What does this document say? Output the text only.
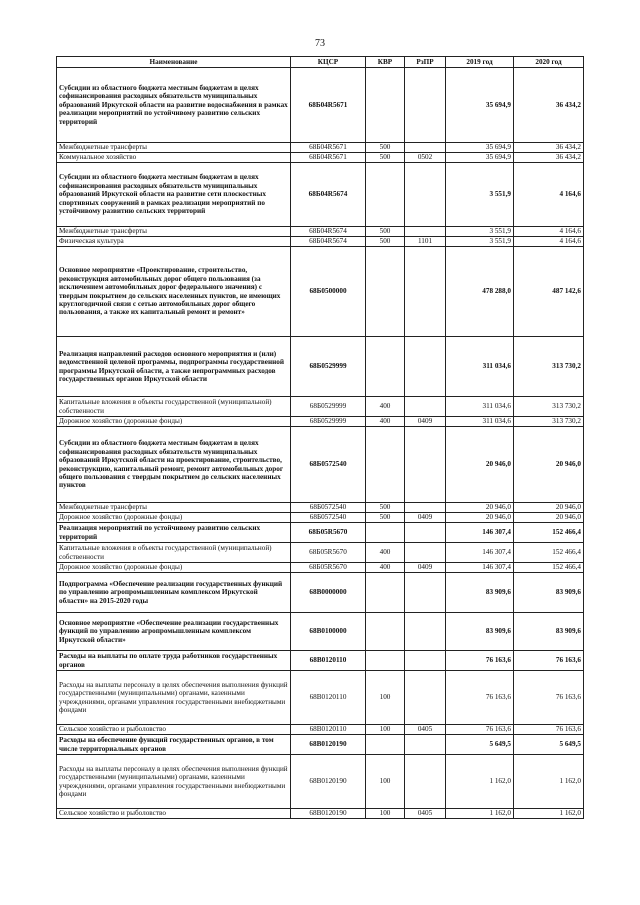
73
Наименование	КЦСР	КВР	РзПР	2019 год	2020 год
Субсидии из областного бюджета местным бюджетам в целях софинансирования расходных обязательств муниципальных образований Иркутской области на развитие водоснабжения в рамках реализации мероприятий по устойчивому развитию сельских территорий	68Б04R5671			35 694,9	36 434,2
Межбюджетные трансферты	68Б04R5671	500		35 694,9	36 434,2
Коммунальное хозяйство	68Б04R5671	500	0502	35 694,9	36 434,2
Субсидии из областного бюджета местным бюджетам в целях софинансирования расходных обязательств муниципальных образований Иркутской области на развитие сети плоскостных спортивных сооружений в рамках реализации мероприятий по устойчивому развитию сельских территорий	68Б04R5674			3 551,9	4 164,6
Межбюджетные трансферты	68Б04R5674	500		3 551,9	4 164,6
Физическая культура	68Б04R5674	500	1101	3 551,9	4 164,6
Основное мероприятие «Проектирование, строительство, реконструкция автомобильных дорог общего пользования (за исключением автомобильных дорог федерального значения) с твердым покрытием до сельских населенных пунктов, не имеющих круглогодичной связи с сетью автомобильных дорог общего пользования, а также их капитальный ремонт и ремонт»	68Б0500000			478 288,0	487 142,6
Реализация направлений расходов основного мероприятия и (или) ведомственной целевой программы, подпрограммы государственной программы Иркутской области, а также непрограммных расходов государственных органов Иркутской области	68Б0529999			311 034,6	313 730,2
Капитальные вложения в объекты государственной (муниципальной) собственности	68Б0529999	400		311 034,6	313 730,2
Дорожное хозяйство (дорожные фонды)	68Б0529999	400	0409	311 034,6	313 730,2
Субсидии из областного бюджета местным бюджетам в целях софинансирования расходных обязательств муниципальных образований Иркутской области на проектирование, строительство, реконструкцию, капитальный ремонт, ремонт автомобильных дорог общего пользования с твердым покрытием до сельских населенных пунктов	68Б0572540			20 946,0	20 946,0
Межбюджетные трансферты	68Б0572540	500		20 946,0	20 946,0
Дорожное хозяйство (дорожные фонды)	68Б0572540	500	0409	20 946,0	20 946,0
Реализация мероприятий по устойчивому развитию сельских территорий	68Б05R5670			146 307,4	152 466,4
Капитальные вложения в объекты государственной (муниципальной) собственности	68Б05R5670	400		146 307,4	152 466,4
Дорожное хозяйство (дорожные фонды)	68Б05R5670	400	0409	146 307,4	152 466,4
Подпрограмма «Обеспечение реализации государственных функций по управлению агропромышленным комплексом Иркутской области» на 2015-2020 годы	68В0000000			83 909,6	83 909,6
Основное мероприятие «Обеспечение реализации государственных функций по управлению агропромышленным комплексом Иркутской области»	68В0100000			83 909,6	83 909,6
Расходы на выплаты по оплате труда работников государственных органов	68В0120110			76 163,6	76 163,6
Расходы на выплаты персоналу в целях обеспечения выполнения функций государственными (муниципальными) органами, казенными учреждениями, органами управления государственными внебюджетными фондами	68В0120110	100		76 163,6	76 163,6
Сельское хозяйство и рыболовство	68В0120110	100	0405	76 163,6	76 163,6
Расходы на обеспечение функций государственных органов, в том числе территориальных органов	68В0120190			5 649,5	5 649,5
Расходы на выплаты персоналу в целях обеспечения выполнения функций государственными (муниципальными) органами, казенными учреждениями, органами управления государственными внебюджетными фондами	68В0120190	100		1 162,0	1 162,0
Сельское хозяйство и рыболовство	68В0120190	100	0405	1 162,0	1 162,0
